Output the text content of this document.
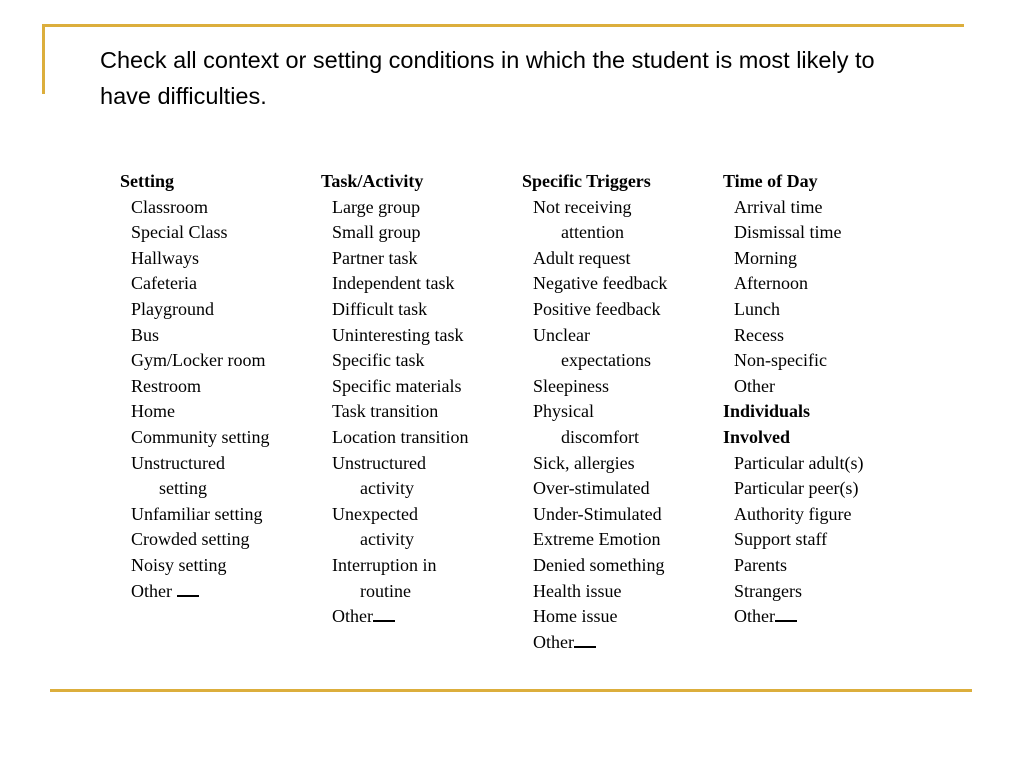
Check all context or setting conditions in which the student is most likely to have difficulties.
Setting
Classroom
Special Class
Hallways
Cafeteria
Playground
Bus
Gym/Locker room
Restroom
Home
Community setting
Unstructured
setting
Unfamiliar setting
Crowded setting
Noisy setting
Other
Task/Activity
Large group
Small group
Partner task
Independent task
Difficult task
Uninteresting task
Specific task
Specific materials
Task transition
Location transition
Unstructured
activity
Unexpected
activity
Interruption in
routine
Other
Specific Triggers
Not receiving
attention
Adult request
Negative feedback
Positive feedback
Unclear
expectations
Sleepiness
Physical
discomfort
Sick, allergies
Over-stimulated
Under-Stimulated
Extreme Emotion
Denied something
Health issue
Home issue
Other
Time of Day
Arrival time
Dismissal time
Morning
Afternoon
Lunch
Recess
Non-specific
Other
Individuals
Involved
Particular adult(s)
Particular peer(s)
Authority figure
Support staff
Parents
Strangers
Other
